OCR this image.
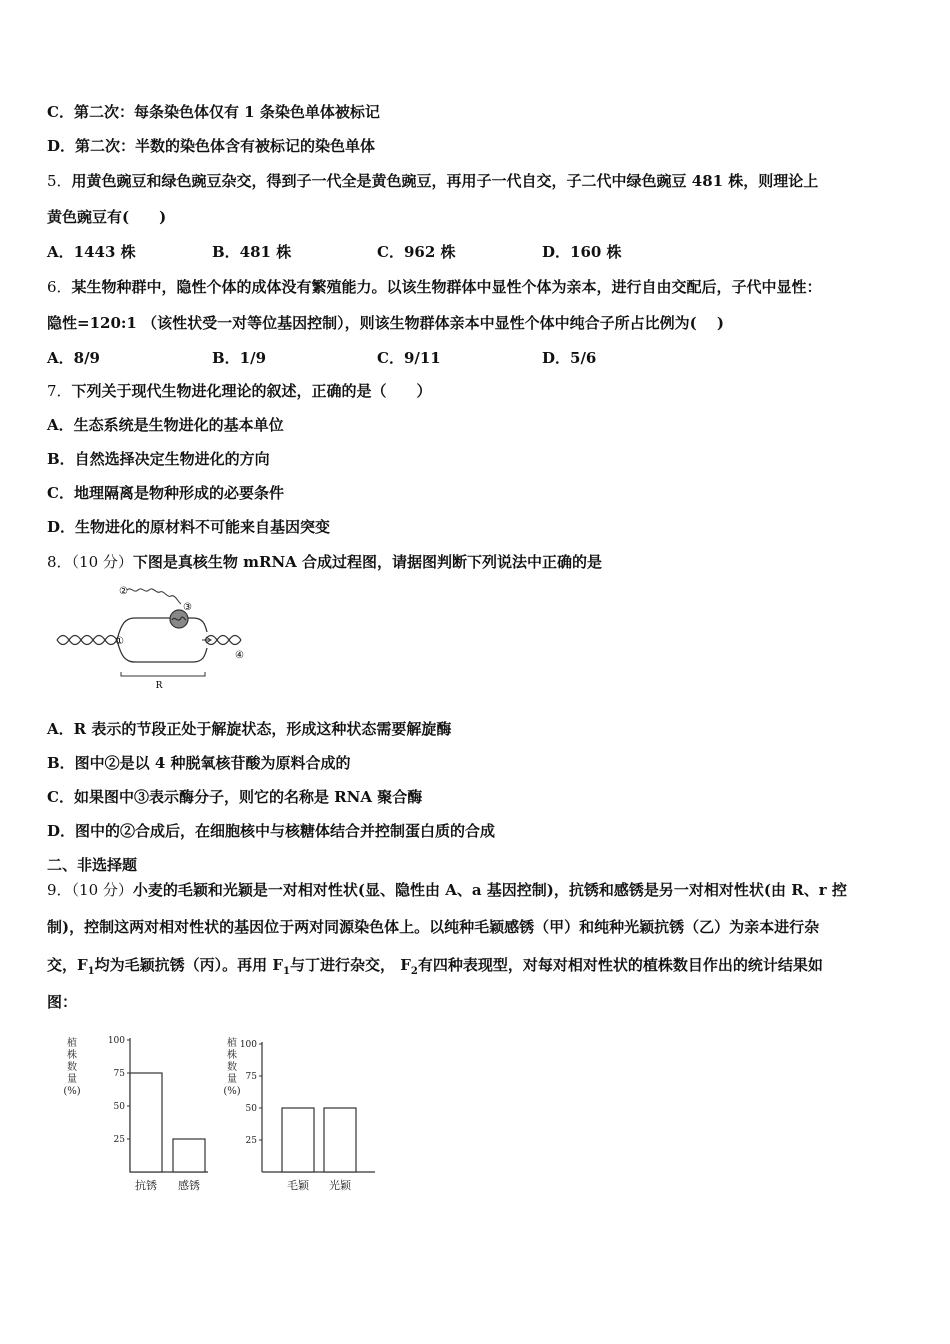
C．第二次：每条染色体仅有 1 条染色单体被标记
D．第二次：半数的染色体含有被标记的染色单体
5．用黄色豌豆和绿色豌豆杂交，得到子一代全是黄色豌豆，再用子一代自交，子二代中绿色豌豆 481 株，则理论上
黄色豌豆有(　　)
A．1443 株	B．481 株	C．962 株	D．160 株
6．某生物种群中，隐性个体的成体没有繁殖能力。以该生物群体中显性个体为亲本，进行自由交配后，子代中显性：
隐性=120:1 （该性状受一对等位基因控制），则该生物群体亲本中显性个体中纯合子所占比例为(　 )
A．8/9	B．1/9	C．9/11	D．5/6
7．下列关于现代生物进化理论的叙述，正确的是（　　）
A．生态系统是生物进化的基本单位
B．自然选择决定生物进化的方向
C．地理隔离是物种形成的必要条件
D．生物进化的原材料不可能来自基因突变
8．（10 分）下图是真核生物 mRNA 合成过程图，请据图判断下列说法中正确的是
①
②
③
④
R
A．R 表示的节段正处于解旋状态，形成这种状态需要解旋酶
B．图中②是以 4 种脱氧核苷酸为原料合成的
C．如果图中③表示酶分子，则它的名称是 RNA 聚合酶
D．图中的②合成后，在细胞核中与核糖体结合并控制蛋白质的合成
二、非选择题
9．（10 分）小麦的毛颖和光颖是一对相对性状(显、隐性由 A、a 基因控制)，抗锈和感锈是另一对相对性状(由 R、r 控
制)，控制这两对相对性状的基因位于两对同源染色体上。以纯种毛颖感锈（甲）和纯种光颖抗锈（乙）为亲本进行杂
交，$F_1$均为毛颖抗锈（丙）。再用 $F_1$与丁进行杂交， $F_2$有四种表现型，对每对相对性状的植株数目作出的统计结果如
图：
植
株
数
量
(%)
25
50
75
100
抗锈 感锈
植
株
数
量
(%)
25
50
75
100
毛颖 光颖
